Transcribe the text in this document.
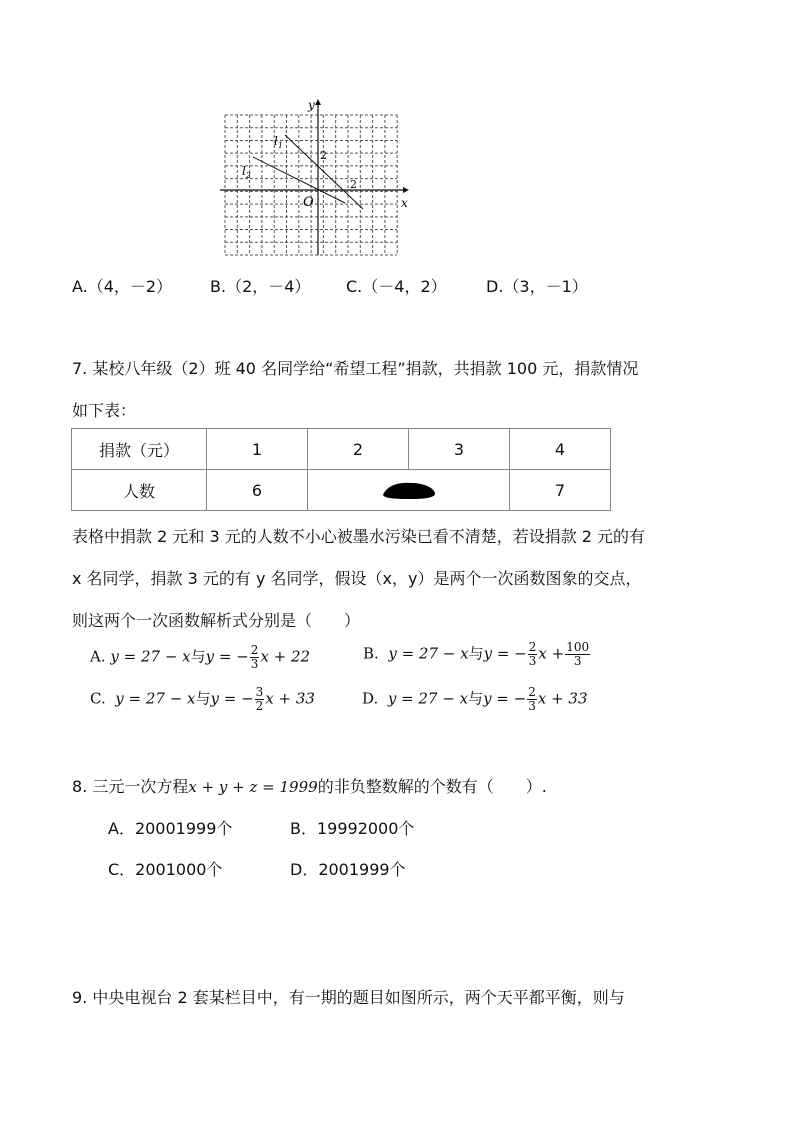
y
x
O
$l_1$
$l_2$
2
2
A.（4，－2） B.（2，－4） C.（－4，2） D.（3，－1）
7. 某校八年级（2）班 40 名同学给“希望工程”捐款，共捐款 100 元，捐款情况
如下表：
捐款（元）	1	2	3	4
人数	6			7
表格中捐款 2 元和 3 元的人数不小心被墨水污染已看不清楚，若设捐款 2 元的有
x 名同学，捐款 3 元的有 y 名同学，假设（x，y）是两个一次函数图象的交点，
则这两个一次函数解析式分别是（　　）
A. y = 27 − x与y = − $\frac{2}{3}$ x + 22	B. y = 27 − x与y = − $\frac{2}{3}$ $x + \frac{100}{3}$
C. y = 27 − x与y = − $\frac{3}{2}$ x + 33	D. y = 27 − x与y = − $\frac{2}{3}$ x + 33
8. 三元一次方程x + y + z = 1999的非负整数解的个数有（　　）.
A．20001999个	B．19992000个
C．2001000个	D．2001999个
9. 中央电视台 2 套某栏目中，有一期的题目如图所示，两个天平都平衡，则与
